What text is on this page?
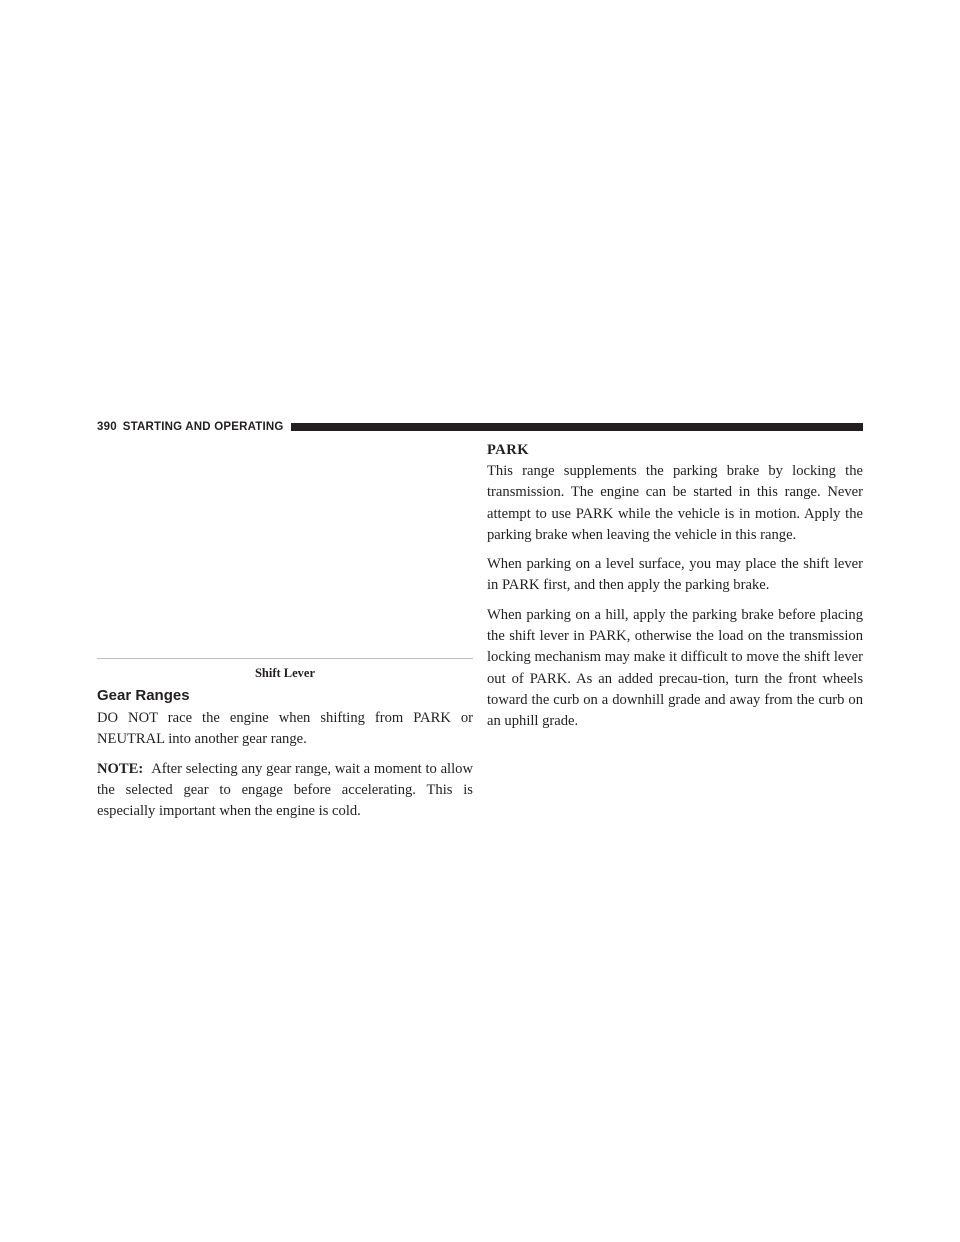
390 STARTING AND OPERATING
Shift Lever
Gear Ranges

DO NOT race the engine when shifting from PARK or NEUTRAL into another gear range.

NOTE: After selecting any gear range, wait a moment to allow the selected gear to engage before accelerating. This is especially important when the engine is cold.

PARK

This range supplements the parking brake by locking the transmission. The engine can be started in this range. Never attempt to use PARK while the vehicle is in motion. Apply the parking brake when leaving the vehicle in this range.

When parking on a level surface, you may place the shift lever in PARK first, and then apply the parking brake.

When parking on a hill, apply the parking brake before placing the shift lever in PARK, otherwise the load on the transmission locking mechanism may make it difficult to move the shift lever out of PARK. As an added precau-tion, turn the front wheels toward the curb on a downhill grade and away from the curb on an uphill grade.
